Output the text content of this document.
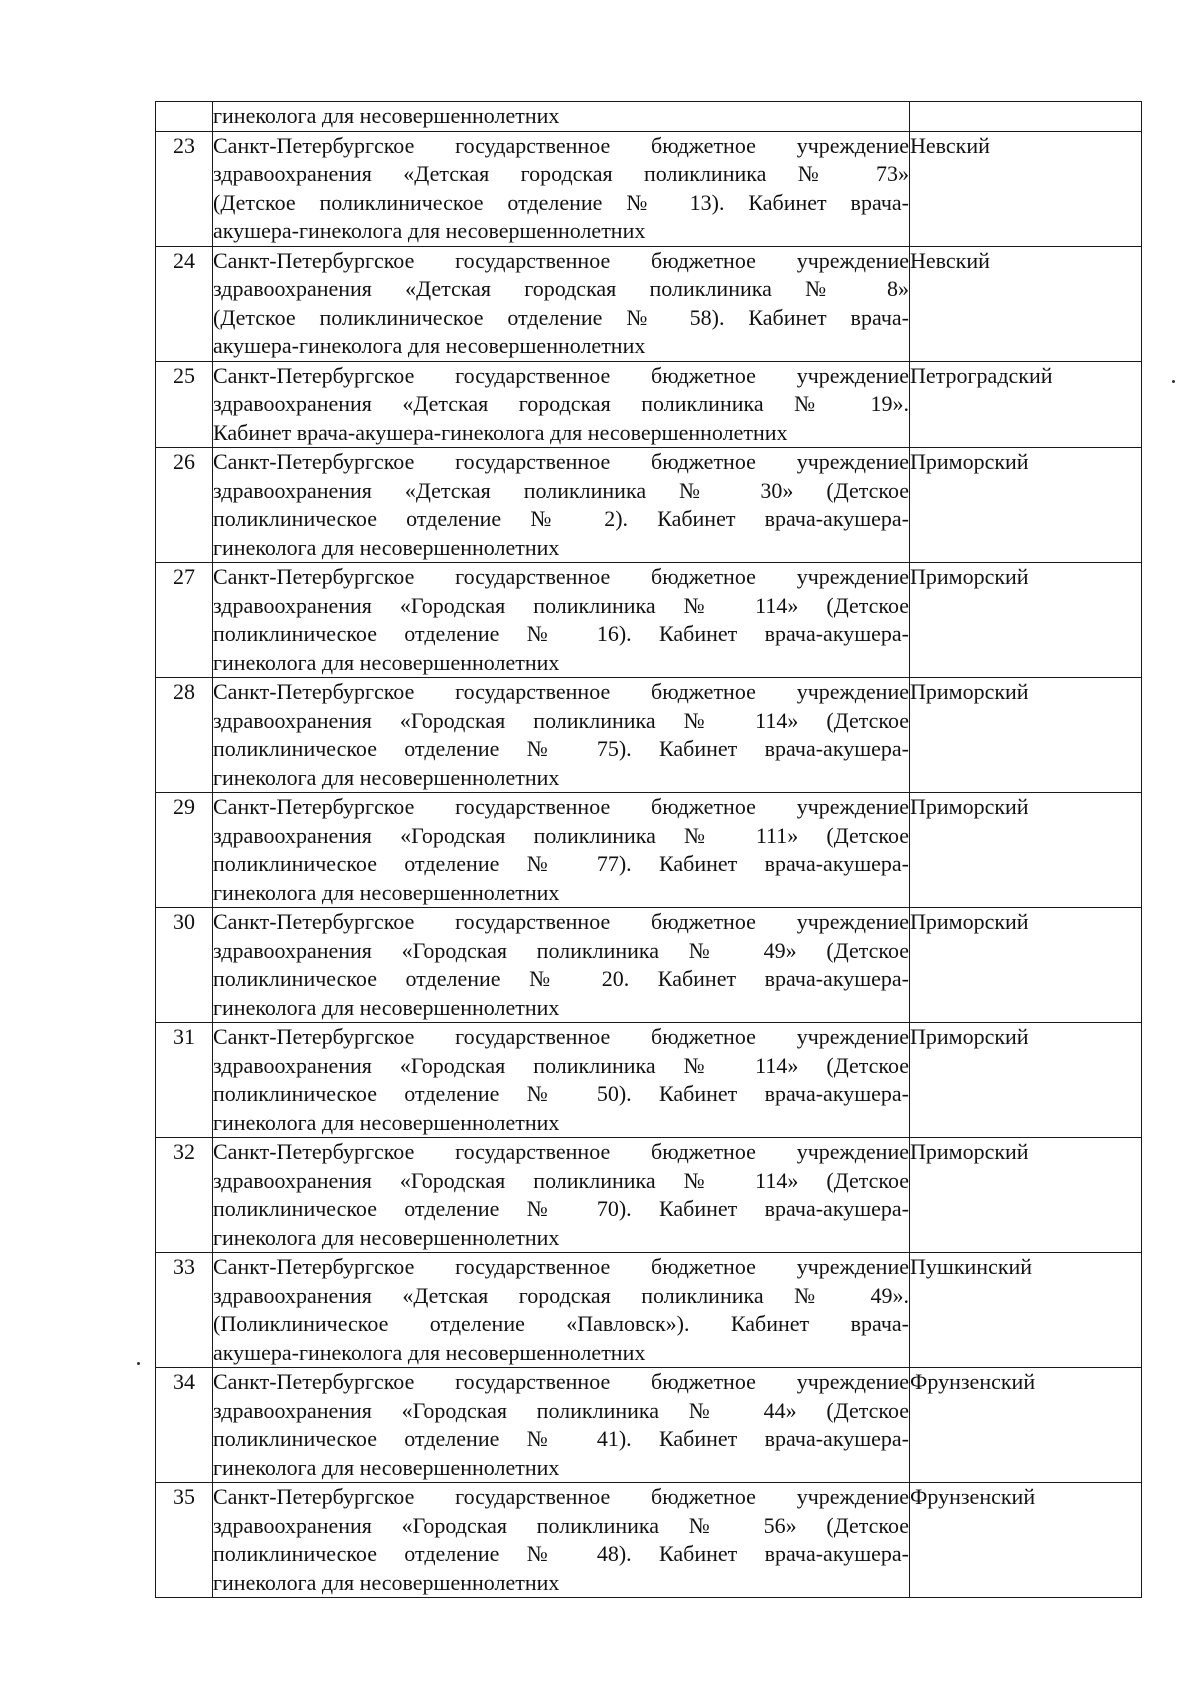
	гинеколога для несовершеннолетних	

23	Санкт-Петербургское государственное бюджетное учреждение
здравоохранения «Детская городская поликлиника № 73»
(Детское поликлиническое отделение № 13). Кабинет врача-
акушера-гинеколога для несовершеннолетних	Невский
24	Санкт-Петербургское государственное бюджетное учреждение
здравоохранения «Детская городская поликлиника № 8»
(Детское поликлиническое отделение № 58). Кабинет врача-
акушера-гинеколога для несовершеннолетних	Невский
25	Санкт-Петербургское государственное бюджетное учреждение
здравоохранения «Детская городская поликлиника № 19».
Кабинет врача-акушера-гинеколога для несовершеннолетних	Петроградский
26	Санкт-Петербургское государственное бюджетное учреждение
здравоохранения «Детская поликлиника № 30» (Детское
поликлиническое отделение № 2). Кабинет врача-акушера-
гинеколога для несовершеннолетних	Приморский
27	Санкт-Петербургское государственное бюджетное учреждение
здравоохранения «Городская поликлиника № 114» (Детское
поликлиническое отделение № 16). Кабинет врача-акушера-
гинеколога для несовершеннолетних	Приморский
28	Санкт-Петербургское государственное бюджетное учреждение
здравоохранения «Городская поликлиника № 114» (Детское
поликлиническое отделение № 75). Кабинет врача-акушера-
гинеколога для несовершеннолетних	Приморский
29	Санкт-Петербургское государственное бюджетное учреждение
здравоохранения «Городская поликлиника № 111» (Детское
поликлиническое отделение № 77). Кабинет врача-акушера-
гинеколога для несовершеннолетних	Приморский
30	Санкт-Петербургское государственное бюджетное учреждение
здравоохранения «Городская поликлиника № 49» (Детское
поликлиническое отделение № 20. Кабинет врача-акушера-
гинеколога для несовершеннолетних	Приморский
31	Санкт-Петербургское государственное бюджетное учреждение
здравоохранения «Городская поликлиника № 114» (Детское
поликлиническое отделение № 50). Кабинет врача-акушера-
гинеколога для несовершеннолетних	Приморский
32	Санкт-Петербургское государственное бюджетное учреждение
здравоохранения «Городская поликлиника № 114» (Детское
поликлиническое отделение № 70). Кабинет врача-акушера-
гинеколога для несовершеннолетних	Приморский
33	Санкт-Петербургское государственное бюджетное учреждение
здравоохранения «Детская городская поликлиника № 49».
(Поликлиническое отделение «Павловск»). Кабинет врача-
акушера-гинеколога для несовершеннолетних	Пушкинский
34	Санкт-Петербургское государственное бюджетное учреждение
здравоохранения «Городская поликлиника № 44» (Детское
поликлиническое отделение № 41). Кабинет врача-акушера-
гинеколога для несовершеннолетних	Фрунзенский
35	Санкт-Петербургское государственное бюджетное учреждение
здравоохранения «Городская поликлиника № 56» (Детское
поликлиническое отделение № 48). Кабинет врача-акушера-
гинеколога для несовершеннолетних	Фрунзенский
